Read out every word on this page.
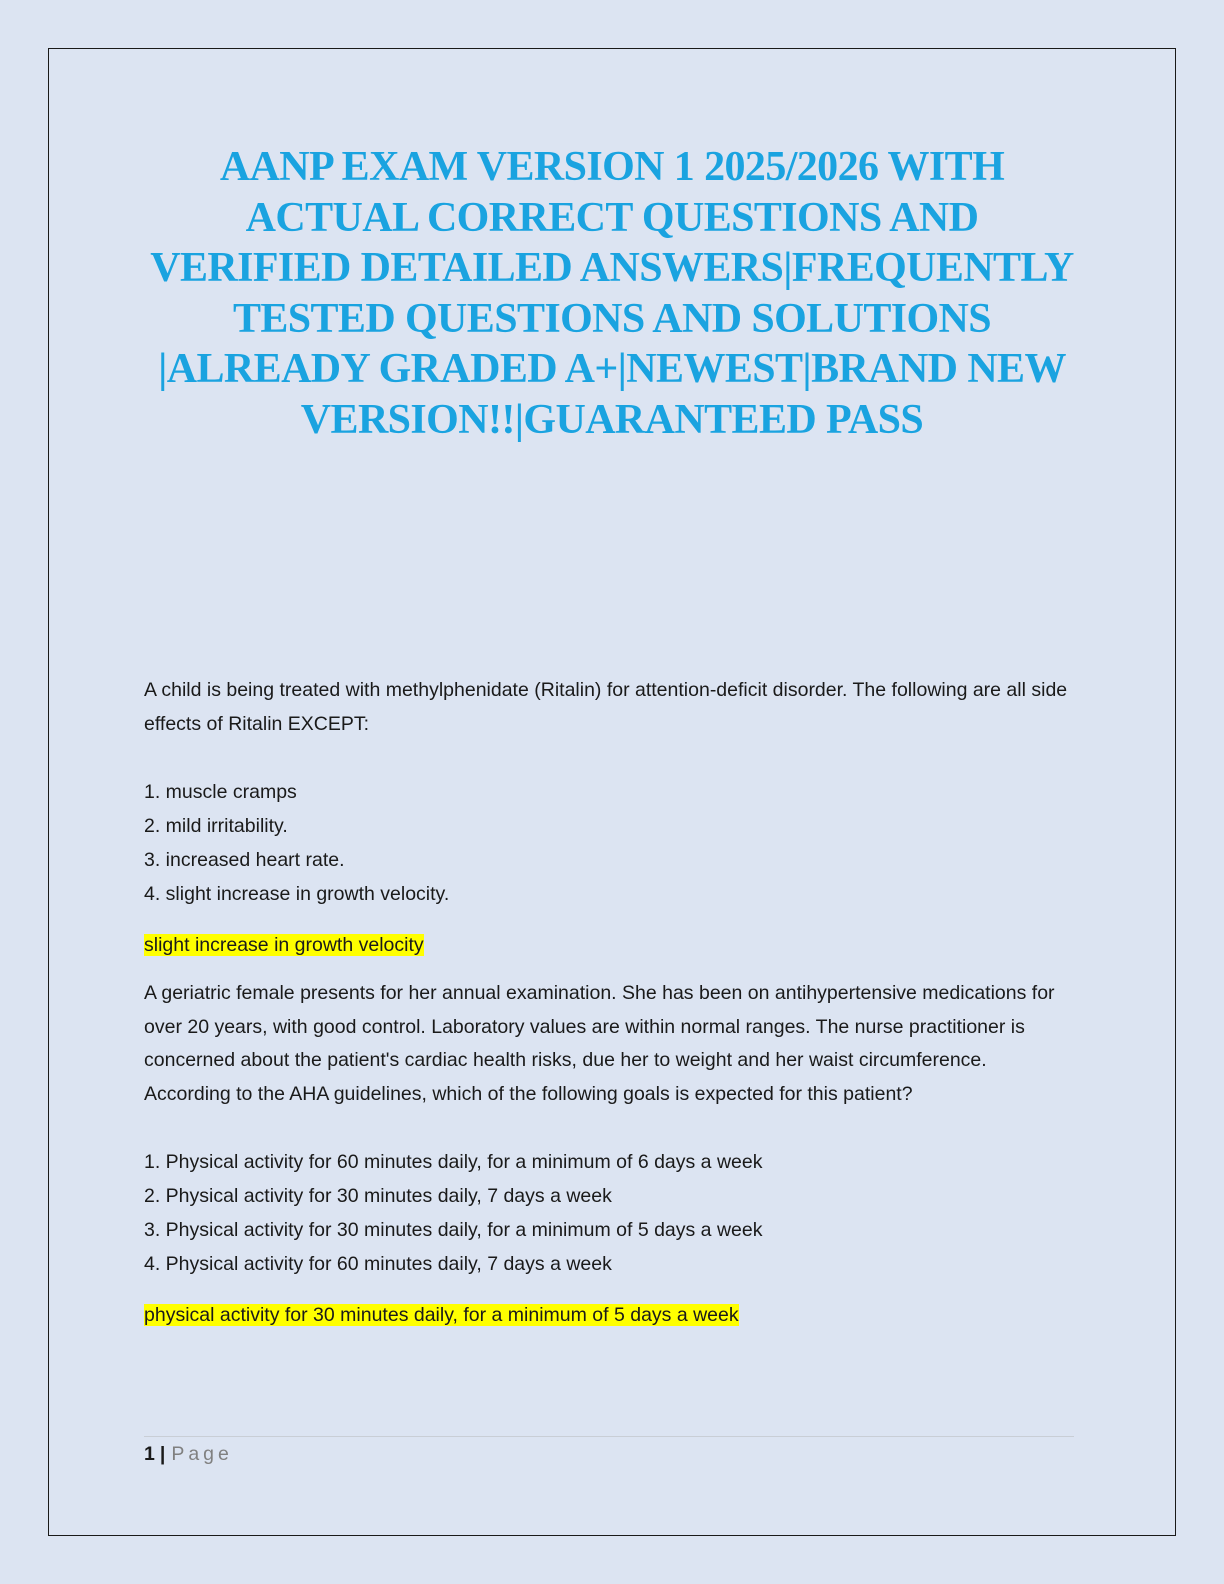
AANP EXAM VERSION 1 2025/2026 WITH ACTUAL CORRECT QUESTIONS AND VERIFIED DETAILED ANSWERS|FREQUENTLY TESTED QUESTIONS AND SOLUTIONS |ALREADY GRADED A+|NEWEST|BRAND NEW VERSION!!|GUARANTEED PASS

A child is being treated with methylphenidate (Ritalin) for attention-deficit disorder. The following are all side effects of Ritalin EXCEPT:

1. muscle cramps
2. mild irritability.
3. increased heart rate.
4. slight increase in growth velocity.

slight increase in growth velocity

A geriatric female presents for her annual examination. She has been on antihypertensive medications for over 20 years, with good control. Laboratory values are within normal ranges. The nurse practitioner is concerned about the patient's cardiac health risks, due her to weight and her waist circumference. According to the AHA guidelines, which of the following goals is expected for this patient?

1. Physical activity for 60 minutes daily, for a minimum of 6 days a week
2. Physical activity for 30 minutes daily, 7 days a week
3. Physical activity for 30 minutes daily, for a minimum of 5 days a week
4. Physical activity for 60 minutes daily, 7 days a week

physical activity for 30 minutes daily, for a minimum of 5 days a week

1 | Page
